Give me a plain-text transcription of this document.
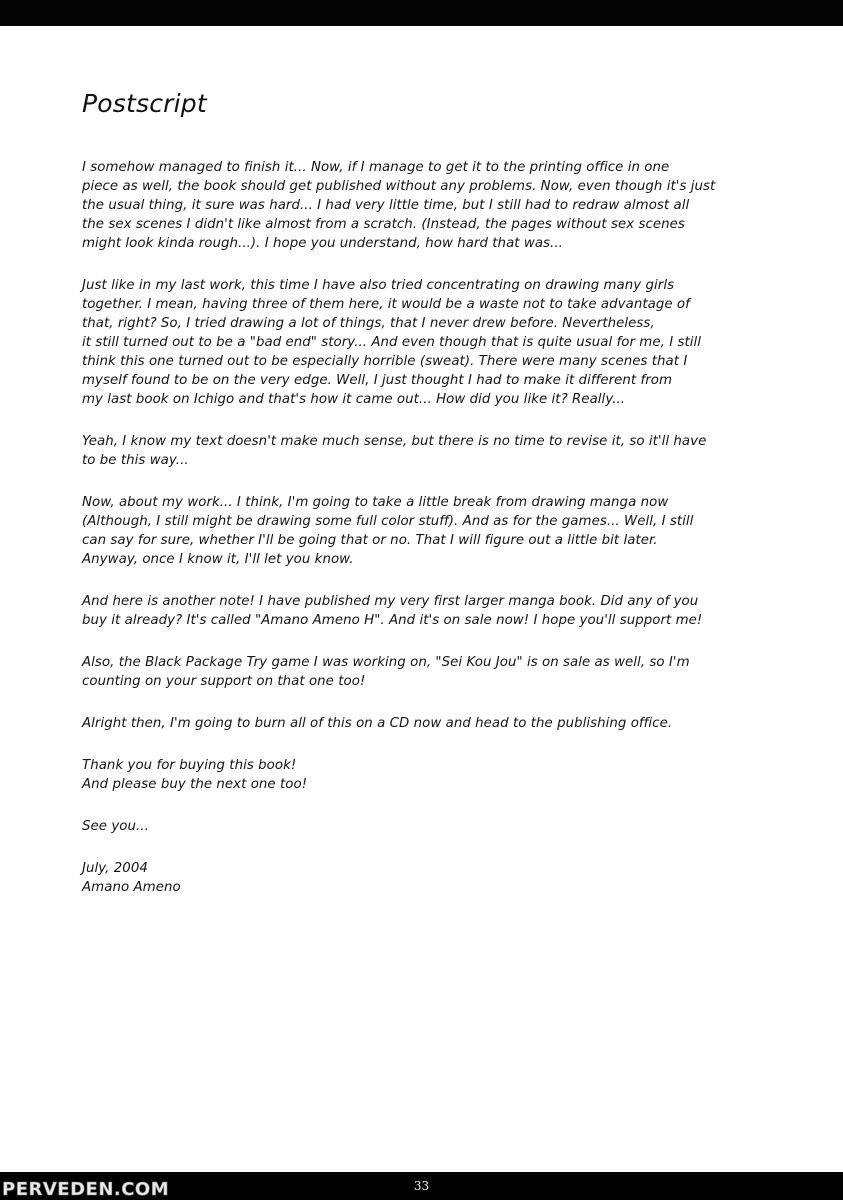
Postscript

I somehow managed to finish it... Now, if I manage to get it to the printing office in one
piece as well, the book should get published without any problems. Now, even though it's just
the usual thing, it sure was hard... I had very little time, but I still had to redraw almost all
the sex scenes I didn't like almost from a scratch. (Instead, the pages without sex scenes
might look kinda rough...). I hope you understand, how hard that was...

Just like in my last work, this time I have also tried concentrating on drawing many girls
together. I mean, having three of them here, it would be a waste not to take advantage of
that, right? So, I tried drawing a lot of things, that I never drew before. Nevertheless,
it still turned out to be a "bad end" story... And even though that is quite usual for me, I still
think this one turned out to be especially horrible (sweat). There were many scenes that I
myself found to be on the very edge. Well, I just thought I had to make it different from
my last book on Ichigo and that's how it came out... How did you like it? Really...

Yeah, I know my text doesn't make much sense, but there is no time to revise it, so it'll have
to be this way...

Now, about my work... I think, I'm going to take a little break from drawing manga now
(Although, I still might be drawing some full color stuff). And as for the games... Well, I still
can say for sure, whether I'll be going that or no. That I will figure out a little bit later.
Anyway, once I know it, I'll let you know.

And here is another note! I have published my very first larger manga book. Did any of you
buy it already? It's called "Amano Ameno H". And it's on sale now! I hope you'll support me!

Also, the Black Package Try game I was working on, "Sei Kou Jou" is on sale as well, so I'm
counting on your support on that one too!

Alright then, I'm going to burn all of this on a CD now and head to the publishing office.

Thank you for buying this book!
And please buy the next one too!

See you...

July, 2004
Amano Ameno

PERVEDEN.COM	33
